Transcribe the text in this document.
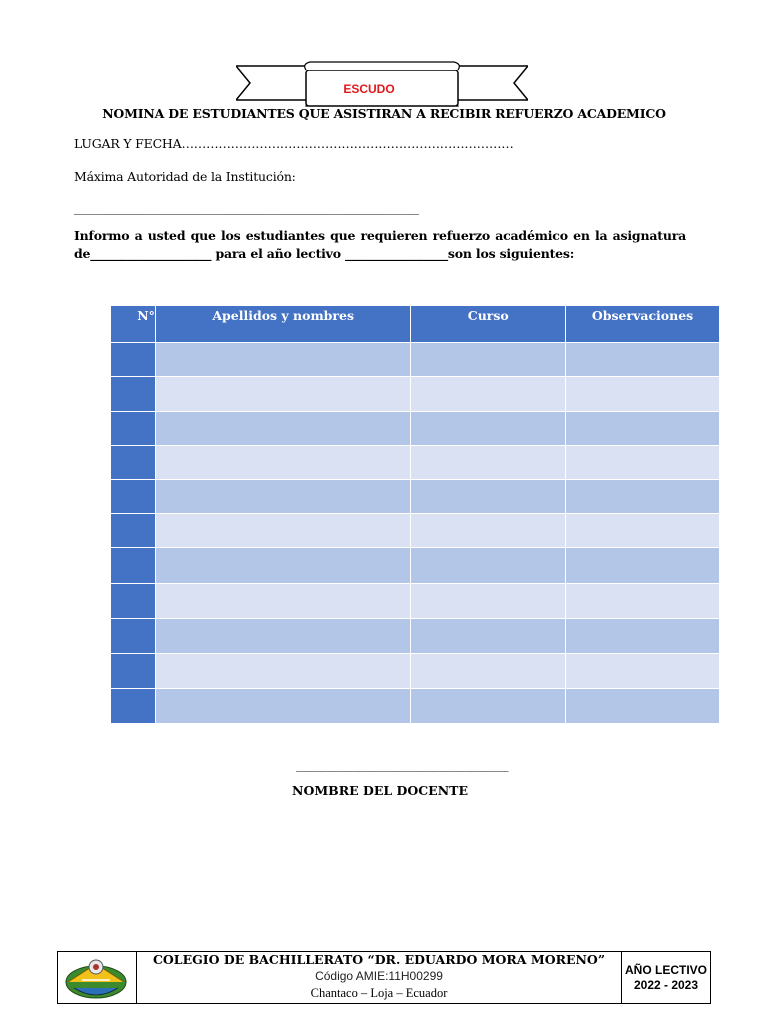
ESCUDO
NOMINA DE ESTUDIANTES QUE ASISTIRAN A RECIBIR REFUERZO ACADEMICO
LUGAR Y FECHA………………………………………………………………………
Máxima Autoridad de la Institución:
_________________________________________________________
Informo a usted que los estudiantes que requieren refuerzo académico en la asignatura
de____________________ para el año lectivo _________________son los siguientes:
N°	Apellidos y nombres	Curso	Observaciones

__________________________________
NOMBRE DEL DOCENTE
COLEGIO DE BACHILLERATO “DR. EDUARDO MORA MORENO”
Código AMIE:11H00299
Chantaco – Loja – Ecuador
AÑO LECTIVO
2022 - 2023
